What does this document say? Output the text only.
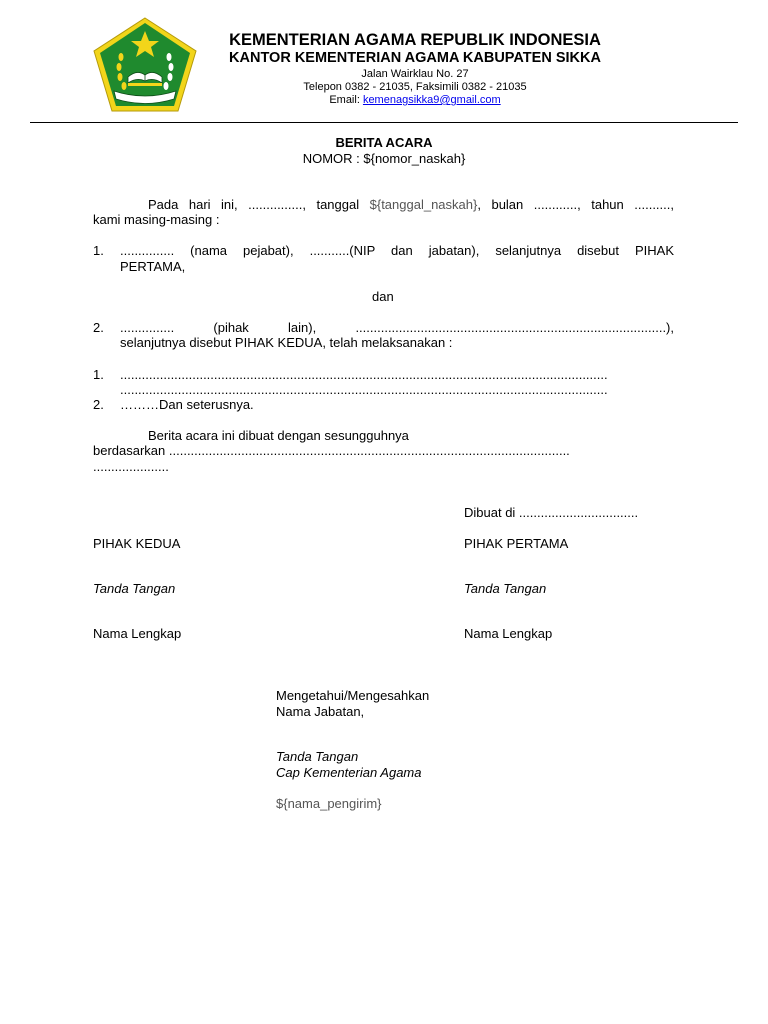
KEMENTERIAN AGAMA REPUBLIK INDONESIA
KANTOR KEMENTERIAN AGAMA KABUPATEN SIKKA
Jalan Wairklau No. 27
Telepon 0382 - 21035, Faksimili 0382 - 21035
Email: kemenagsikka9@gmail.com
BERITA ACARA
NOMOR : ${nomor_naskah}
Pada hari ini, ..............., tanggal ${tanggal_naskah}, bulan ............, tahun ..........,
kami masing-masing :
1. ............... (nama pejabat), ...........(NIP dan jabatan), selanjutnya disebut PIHAK
PERTAMA,
dan
2. ............... (pihak lain), ......................................................................................),
selanjutnya disebut PIHAK KEDUA, telah melaksanakan :
1. .......................................................................................................................................
.......................................................................................................................................
2. ………Dan seterusnya.
Berita acara ini dibuat dengan sesungguhnya
berdasarkan ...............................................................................................................
.....................
Dibuat di .................................
PIHAK KEDUA	PIHAK PERTAMA
Tanda Tangan	Tanda Tangan
Nama Lengkap	Nama Lengkap
Mengetahui/Mengesahkan
Nama Jabatan,
Tanda Tangan
Cap Kementerian Agama
${nama_pengirim}
